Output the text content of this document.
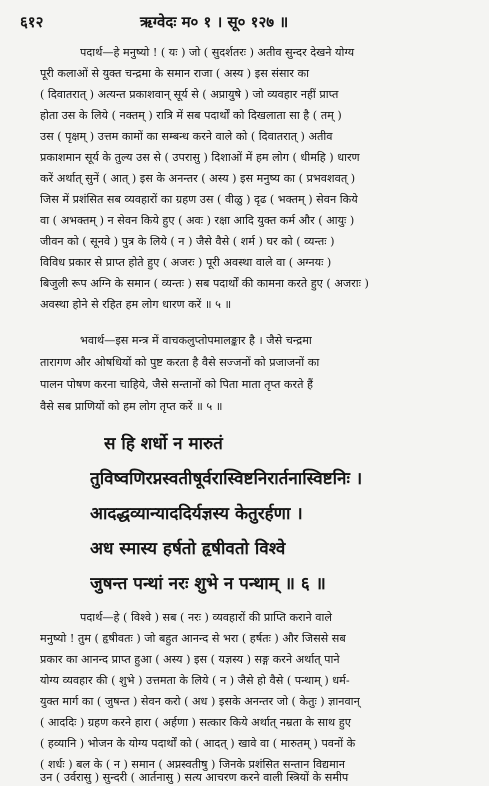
६१२	ऋग्वेदः म० १ । सू० १२७ ॥
पदार्थ—हे मनुष्यो ! ( यः ) जो ( सुदर्शतरः ) अतीव सुन्दर देखने योग्य
पूरी कलाओं से युक्त चन्द्रमा के समान राजा ( अस्य ) इस संसार का
( दिवातरात् ) अत्यन्त प्रकाशवान् सूर्य से ( अप्रायुषे ) जो व्यवहार नहीं प्राप्त
होता उस के लिये ( नक्तम् ) रात्रि में सब पदार्थों को दिखलाता सा है ( तम् )
उस ( पृक्षम् ) उत्तम कामों का सम्बन्ध करने वाले को ( दिवातरात् ) अतीव
प्रकाशमान सूर्य के तुल्य उस से ( उपरासु ) दिशाओं में हम लोग ( धीमहि ) धारण
करें अर्थात् सुनें ( आत् ) इस के अनन्तर ( अस्य ) इस मनुष्य का ( प्रभवशवत् )
जिस में प्रशंसित सब व्यवहारों का ग्रहण उस ( वीळु ) दृढ ( भक्तम् ) सेवन किये
वा ( अभक्तम् ) न सेवन किये हुए ( अवः ) रक्षा आदि युक्त कर्म और ( आयुः )
जीवन को ( सूनवे ) पुत्र के लिये ( न ) जैसे वैसे ( शर्म ) घर को ( व्यन्तः )
विविध प्रकार से प्राप्त होते हुए ( अजरः ) पूरी अवस्था वाले वा ( अग्नयः )
बिजुली रूप अग्नि के समान ( व्यन्तः ) सब पदार्थों की कामना करते हुए ( अजराः )
अवस्था होने से रहित हम लोग धारण करें ॥ ५ ॥
भवार्थ—इस मन्त्र में वाचकलुप्तोपमालङ्कार है । जैसे चन्द्रमा
तारागण और ओषधियों को पुष्ट करता है वैसे सज्जनों को प्रजाजनों का
पालन पोषण करना चाहिये, जैसे सन्तानों को पिता माता तृप्त करते हैं
वैसे सब प्राणियों को हम लोग तृप्त करें ॥ ५ ॥
स हि शर्धो न मारुतं
तुविष्वणिरप्नस्वतीषूर्वरास्विष्टनिरार्तनास्विष्टनिः ।
आदद्धव्यान्याददिर्यज्ञस्य केतुरर्हणा ।
अध स्मास्य हर्षतो हृषीवतो विश्वे
जुषन्त पन्थां नरः शुभे न पन्थाम् ॥ ६ ॥
पदार्थ—हे ( विश्वे ) सब ( नरः ) व्यवहारों की प्राप्ति कराने वाले
मनुष्यो ! तुम ( हृषीवतः ) जो बहुत आनन्द से भरा ( हर्षतः ) और जिससे सब
प्रकार का आनन्द प्राप्त हुआ ( अस्य ) इस ( यज्ञस्य ) सङ्ग करने अर्थात् पाने
योग्य व्यवहार की ( शुभे ) उत्तमता के लिये ( न ) जैसे हो वैसे ( पन्थाम् ) धर्म-
युक्त मार्ग का ( जुषन्त ) सेवन करो ( अध ) इसके अनन्तर जो ( केतुः ) ज्ञानवान्
( आददिः ) ग्रहण करने हारा ( अर्हणा ) सत्कार किये अर्थात् नम्रता के साथ हुए
( हव्यानि ) भोजन के योग्य पदार्थों को ( आदत् ) खावे वा ( मारुतम् ) पवनों के
( शर्धः ) बल के ( न ) समान ( अप्नस्वतीषु ) जिनके प्रशंसित सन्तान विद्यमान
उन ( उर्वरासु ) सुन्दरी ( आर्तनासु ) सत्य आचरण करने वाली स्त्रियों के समीप
